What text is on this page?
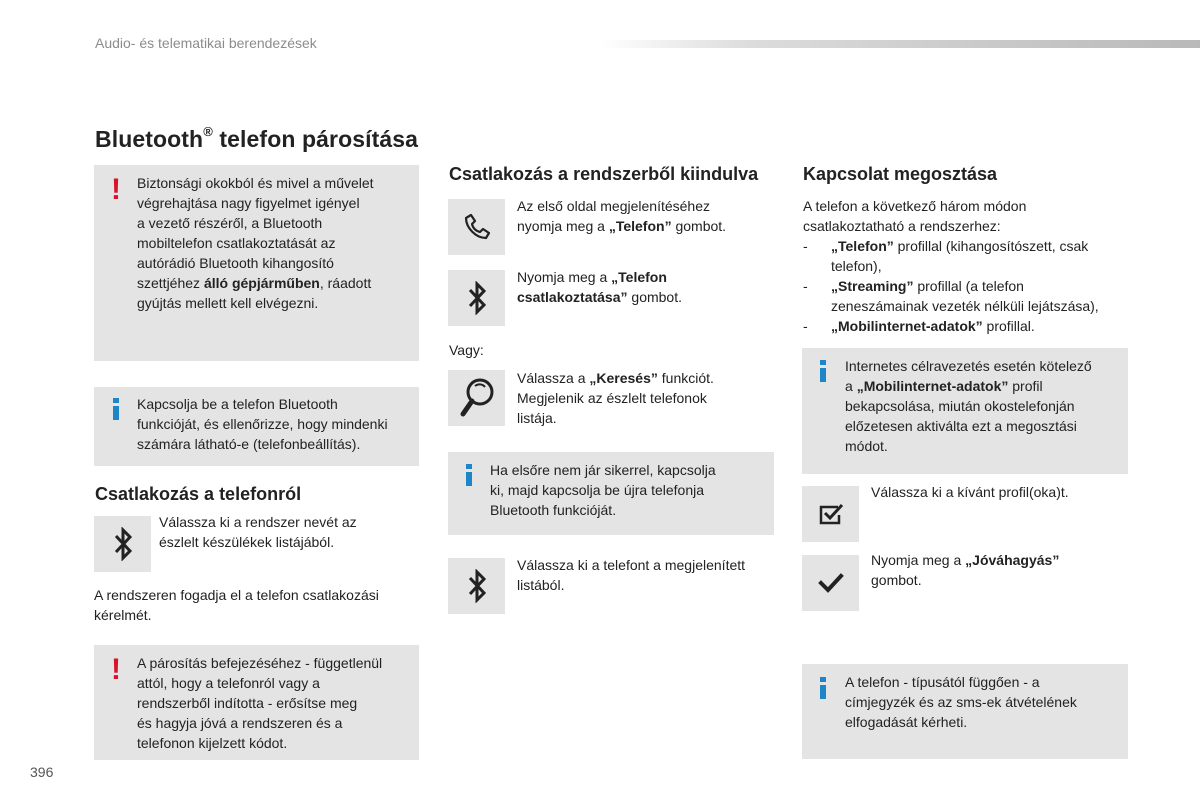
Audio- és telematikai berendezések
Bluetooth® telefon párosítása
! Biztonsági okokból és mivel a művelet
végrehajtása nagy figyelmet igényel
a vezető részéről, a Bluetooth
mobiltelefon csatlakoztatását az
autórádió Bluetooth kihangosító
szettjéhez álló gépjárműben, ráadott
gyújtás mellett kell elvégezni.
Kapcsolja be a telefon Bluetooth
funkcióját, és ellenőrizze, hogy mindenki
számára látható-e (telefonbeállítás).
Csatlakozás a telefonról
Válassza ki a rendszer nevét az
észlelt készülékek listájából.
A rendszeren fogadja el a telefon csatlakozási
kérelmét.
! A párosítás befejezéséhez - függetlenül
attól, hogy a telefonról vagy a
rendszerből indította - erősítse meg
és hagyja jóvá a rendszeren és a
telefonon kijelzett kódot.
Csatlakozás a rendszerből kiindulva
Az első oldal megjelenítéséhez
nyomja meg a „Telefon” gombot.
Nyomja meg a „Telefon
csatlakoztatása” gombot.
Vagy:
Válassza a „Keresés” funkciót.
Megjelenik az észlelt telefonok
listája.
Ha elsőre nem jár sikerrel, kapcsolja
ki, majd kapcsolja be újra telefonja
Bluetooth funkcióját.
Válassza ki a telefont a megjelenített
listából.
Kapcsolat megosztása
A telefon a következő három módon
csatlakoztatható a rendszerhez:
-	„Telefon” profillal (kihangosítószett, csak
telefon),
-	„Streaming” profillal (a telefon
zeneszámainak vezeték nélküli lejátszása),
-	„Mobilinternet-adatok” profillal.
Internetes célravezetés esetén kötelező
a „Mobilinternet-adatok” profil
bekapcsolása, miután okostelefonján
előzetesen aktiválta ezt a megosztási
módot.
Válassza ki a kívánt profil(oka)t.
Nyomja meg a „Jóváhagyás”
gombot.
A telefon - típusától függően - a
címjegyzék és az sms-ek átvételének
elfogadását kérheti.
396
